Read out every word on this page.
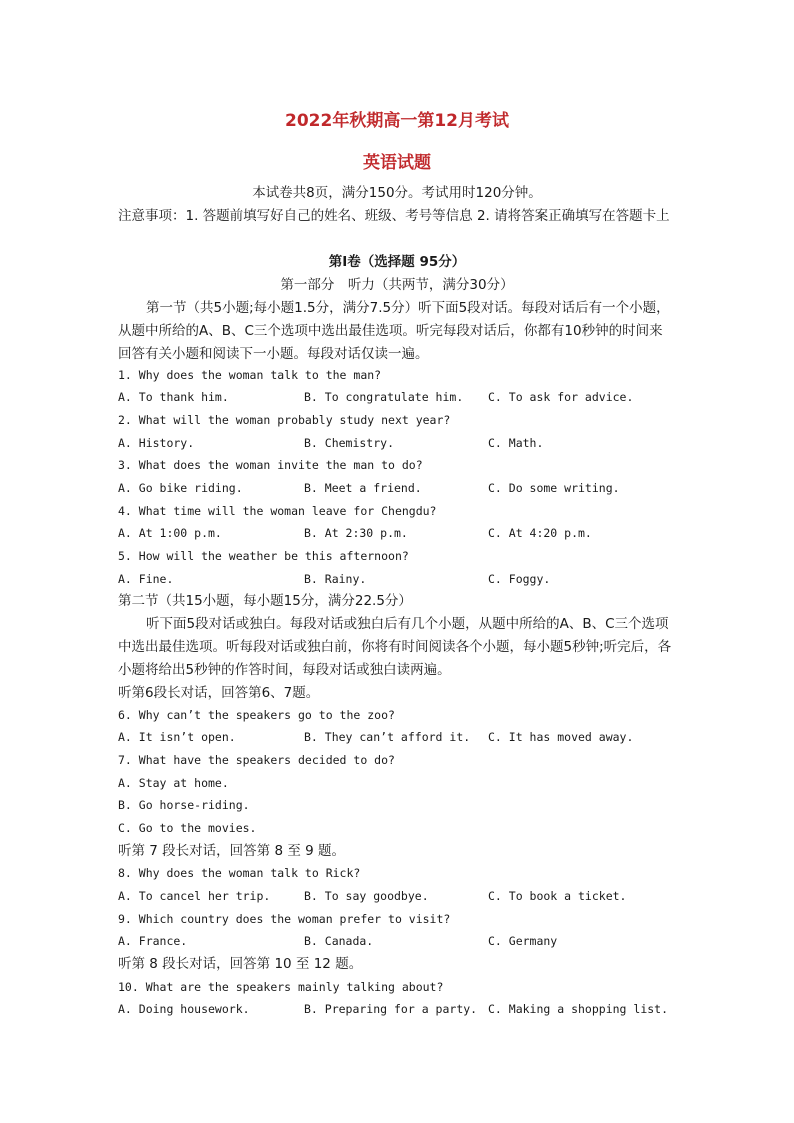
2022年秋期高一第12月考试
英语试题
本试卷共8页，满分150分。考试用时120分钟。
注意事项：1. 答题前填写好自己的姓名、班级、考号等信息 2. 请将答案正确填写在答题卡上
第I卷（选择题 95分）
第一部分　听力（共两节，满分30分）
第一节（共5小题;每小题1.5分，满分7.5分）听下面5段对话。每段对话后有一个小题，从题中所给的A、B、C三个选项中选出最佳选项。听完每段对话后，你都有10秒钟的时间来回答有关小题和阅读下一小题。每段对话仅读一遍。
1. Why does the woman talk to the man?
A. To thank him.	B. To congratulate him. C. To ask for advice.
2. What will the woman probably study next year?
A. History.	B. Chemistry.	C. Math.
3. What does the woman invite the man to do?
A. Go bike riding.	B. Meet a friend.	C. Do some writing.
4. What time will the woman leave for Chengdu?
A. At 1:00 p.m.	B. At 2:30 p.m.	C. At 4:20 p.m.
5. How will the weather be this afternoon?
A. Fine.	B. Rainy.	C. Foggy.
第二节（共15小题，每小题15分，满分22.5分）
听下面5段对话或独白。每段对话或独白后有几个小题，从题中所给的A、B、C三个选项中选出最佳选项。听每段对话或独白前，你将有时间阅读各个小题，每小题5秒钟;听完后，各小题将给出5秒钟的作答时间，每段对话或独白读两遍。
听第6段长对话，回答第6、7题。
6. Why can’t the speakers go to the zoo?
A. It isn’t open.	B. They can’t afford it. C. It has moved away.
7. What have the speakers decided to do?
A. Stay at home.
B. Go horse-riding.
C. Go to the movies.
听第 7 段长对话，回答第 8 至 9 题。
8. Why does the woman talk to Rick?
A. To cancel her trip.	B. To say goodbye.	C. To book a ticket.
9. Which country does the woman prefer to visit?
A. France.	B. Canada.	C. Germany
听第 8 段长对话，回答第 10 至 12 题。
10. What are the speakers mainly talking about?
A. Doing housework.	B. Preparing for a party. C. Making a shopping list.
